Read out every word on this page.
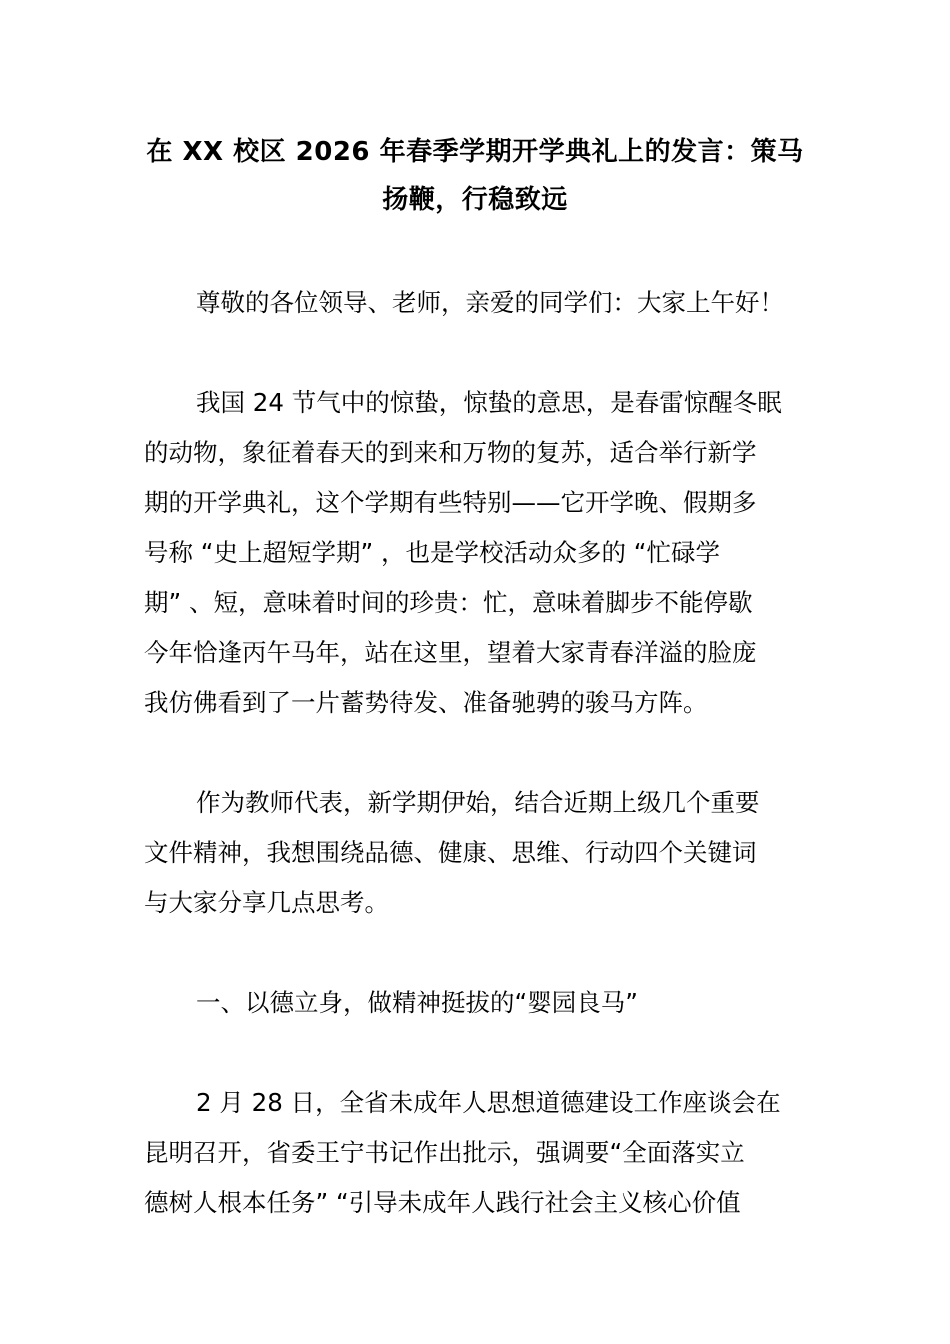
在 XX 校区 2026 年春季学期开学典礼上的发言：策马
扬鞭，行稳致远

尊敬的各位领导、老师，亲爱的同学们：大家上午好！

我国 24 节气中的惊蛰，惊蛰的意思，是春雷惊醒冬眠
的动物，象征着春天的到来和万物的复苏，适合举行新学
期的开学典礼，这个学期有些特别——它开学晚、假期多
号称 “史上超短学期” ，也是学校活动众多的 “忙碌学
期” 、短，意味着时间的珍贵：忙，意味着脚步不能停歇
今年恰逢丙午马年，站在这里，望着大家青春洋溢的脸庞
我仿佛看到了一片蓄势待发、准备驰骋的骏马方阵。

作为教师代表，新学期伊始，结合近期上级几个重要
文件精神，我想围绕品德、健康、思维、行动四个关键词
与大家分享几点思考。

一、以德立身，做精神挺拔的“婴园良马”

2 月 28 日，全省未成年人思想道德建设工作座谈会在
昆明召开，省委王宁书记作出批示，强调要“全面落实立
德树人根本任务” “引导未成年人践行社会主义核心价值
